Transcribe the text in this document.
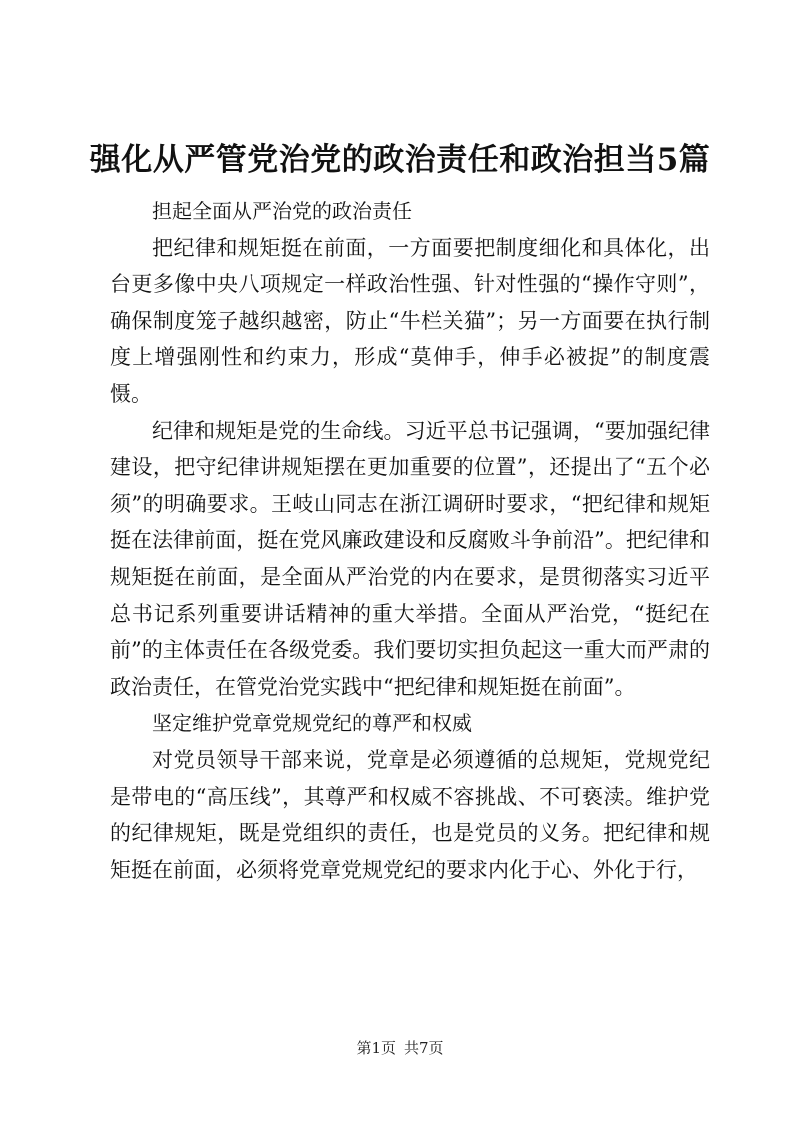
强化从严管党治党的政治责任和政治担当5篇

担起全面从严治党的政治责任

把纪律和规矩挺在前面，一方面要把制度细化和具体化，出台更多像中央八项规定一样政治性强、针对性强的“操作守则”，确保制度笼子越织越密，防止“牛栏关猫”；另一方面要在执行制度上增强刚性和约束力，形成“莫伸手，伸手必被捉”的制度震慑。

纪律和规矩是党的生命线。习近平总书记强调，“要加强纪律建设，把守纪律讲规矩摆在更加重要的位置”，还提出了“五个必须”的明确要求。王岐山同志在浙江调研时要求，“把纪律和规矩挺在法律前面，挺在党风廉政建设和反腐败斗争前沿”。把纪律和规矩挺在前面，是全面从严治党的内在要求，是贯彻落实习近平总书记系列重要讲话精神的重大举措。全面从严治党，“挺纪在前”的主体责任在各级党委。我们要切实担负起这一重大而严肃的政治责任，在管党治党实践中“把纪律和规矩挺在前面”。

坚定维护党章党规党纪的尊严和权威

对党员领导干部来说，党章是必须遵循的总规矩，党规党纪是带电的“高压线”，其尊严和权威不容挑战、不可亵渎。维护党的纪律规矩，既是党组织的责任，也是党员的义务。把纪律和规矩挺在前面，必须将党章党规党纪的要求内化于心、外化于行，

第1页 共7页
